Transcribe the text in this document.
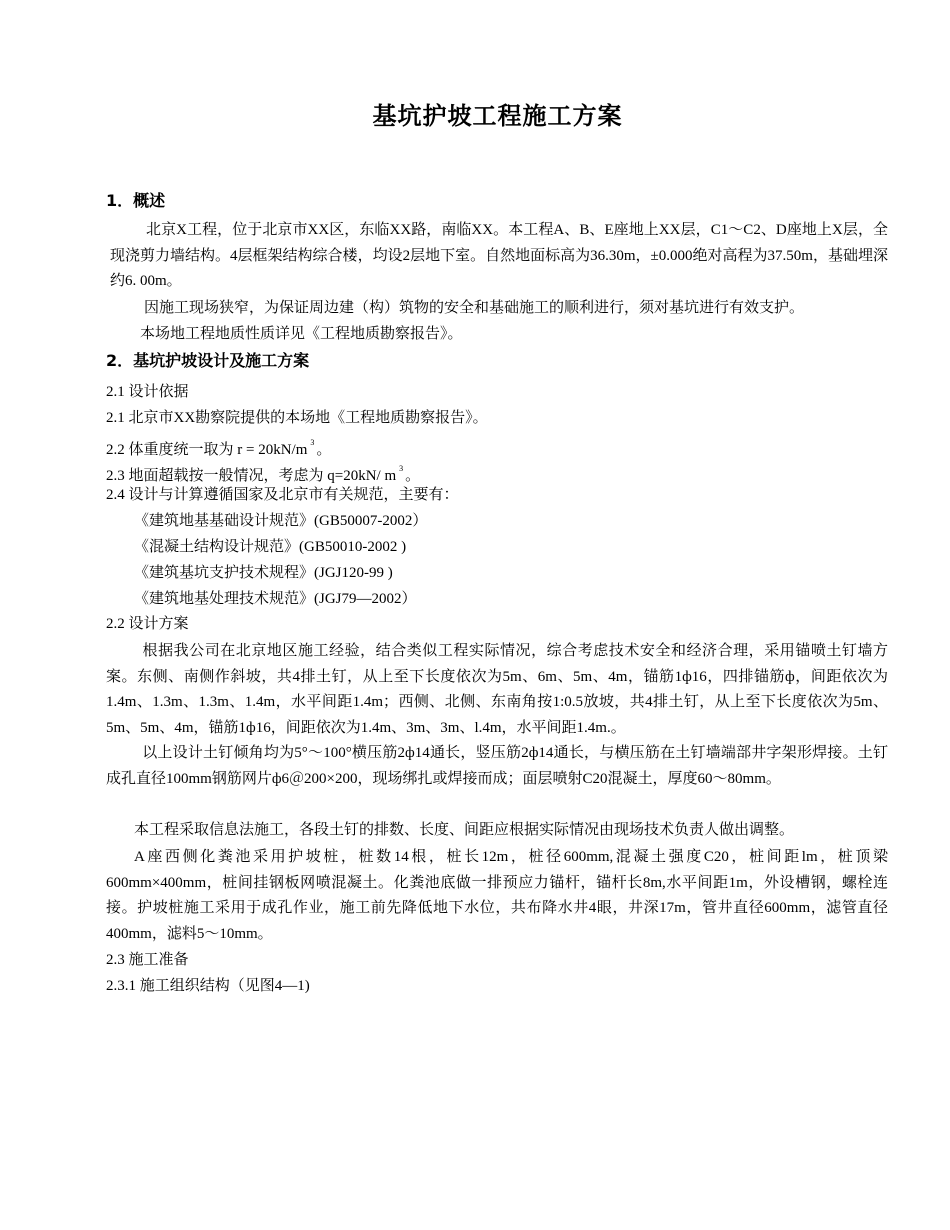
基坑护坡工程施工方案
1．概述
北京X工程，位于北京市XX区，东临XX路，南临XX。本工程A、B、E座地上XX层，C1～C2、D座地上X层，全现浇剪力墙结构。4层框架结构综合楼，均设2层地下室。自然地面标高为36.30m，±0.000绝对高程为37.50m，基础埋深约6. 00m。
因施工现场狭窄，为保证周边建（构）筑物的安全和基础施工的顺利进行，须对基坑进行有效支护。
本场地工程地质性质详见《工程地质勘察报告》。
2．基坑护坡设计及施工方案
2.1 设计依据
2.1 北京市XX勘察院提供的本场地《工程地质勘察报告》。
2.2 体重度统一取为 r = 20kN/m $^3$ 。
2.3 地面超载按一般情况，考虑为 q=20kN/ m $^3$ 。
2.4 设计与计算遵循国家及北京市有关规范，主要有：
《建筑地基基础设计规范》(GB50007-2002）
《混凝土结构设计规范》(GB50010-2002 )
《建筑基坑支护技术规程》(JGJ120-99 )
《建筑地基处理技术规范》(JGJ79—2002）
2.2 设计方案
根据我公司在北京地区施工经验，结合类似工程实际情况，综合考虑技术安全和经济合理，采用锚喷土钉墙方案。东侧、南侧作斜坡，共4排土钉，从上至下长度依次为5m、6m、5m、4m，锚筋1ф16，四排锚筋ф，间距依次为1.4m、1.3m、1.3m、1.4m，水平间距1.4m；西侧、北侧、东南角按1:0.5放坡，共4排土钉，从上至下长度依次为5m、5m、5m、4m，锚筋1ф16，间距依次为1.4m、3m、3m、l.4m，水平间距1.4m.。
以上设计土钉倾角均为5°～100°横压筋2ф14通长，竖压筋2ф14通长，与横压筋在土钉墙端部井字架形焊接。土钉成孔直径100mm钢筋网片ф6＠200×200，现场绑扎或焊接而成；面层喷射C20混凝土，厚度60～80mm。
本工程采取信息法施工，各段土钉的排数、长度、间距应根据实际情况由现场技术负责人做出调整。
A座西侧化粪池采用护坡桩，桩数14根，桩长12m，桩径600mm,混凝土强度C20，桩间距lm，桩顶梁600mm×400mm，桩间挂钢板网喷混凝土。化粪池底做一排预应力锚杆，锚杆长8m,水平间距1m，外设槽钢，螺栓连接。护坡桩施工采用于成孔作业，施工前先降低地下水位，共布降水井4眼，井深17m，管井直径600mm，滤管直径400mm，滤料5～10mm。
2.3 施工准备
2.3.1 施工组织结构（见图4—1)
